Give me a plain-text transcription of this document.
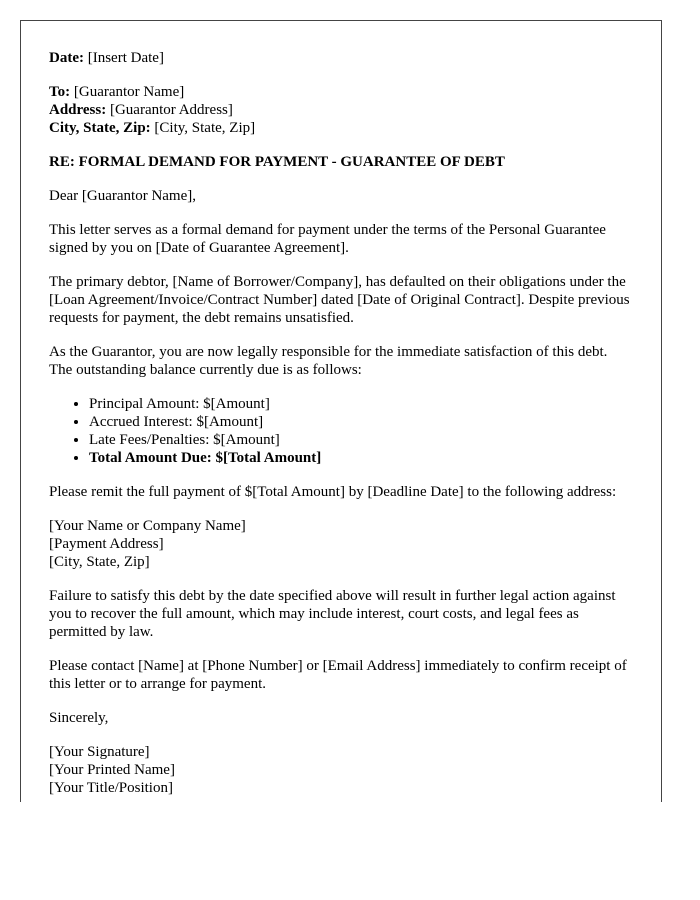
Date: [Insert Date]

To: [Guarantor Name]

Address: [Guarantor Address]

City, State, Zip: [City, State, Zip]

RE: FORMAL DEMAND FOR PAYMENT - GUARANTEE OF DEBT

Dear [Guarantor Name],

This letter serves as a formal demand for payment under the terms of the Personal Guarantee signed by you on [Date of Guarantee Agreement].

The primary debtor, [Name of Borrower/Company], has defaulted on their obligations under the [Loan Agreement/Invoice/Contract Number] dated [Date of Original Contract]. Despite previous requests for payment, the debt remains unsatisfied.

As the Guarantor, you are now legally responsible for the immediate satisfaction of this debt. The outstanding balance currently due is as follows:

• Principal Amount: $[Amount]
• Accrued Interest: $[Amount]
• Late Fees/Penalties: $[Amount]
• Total Amount Due: $[Total Amount]

Please remit the full payment of $[Total Amount] by [Deadline Date] to the following address:

[Your Name or Company Name]

[Payment Address]

[City, State, Zip]

Failure to satisfy this debt by the date specified above will result in further legal action against you to recover the full amount, which may include interest, court costs, and legal fees as permitted by law.

Please contact [Name] at [Phone Number] or [Email Address] immediately to confirm receipt of this letter or to arrange for payment.

Sincerely,

[Your Signature]

[Your Printed Name]

[Your Title/Position]
